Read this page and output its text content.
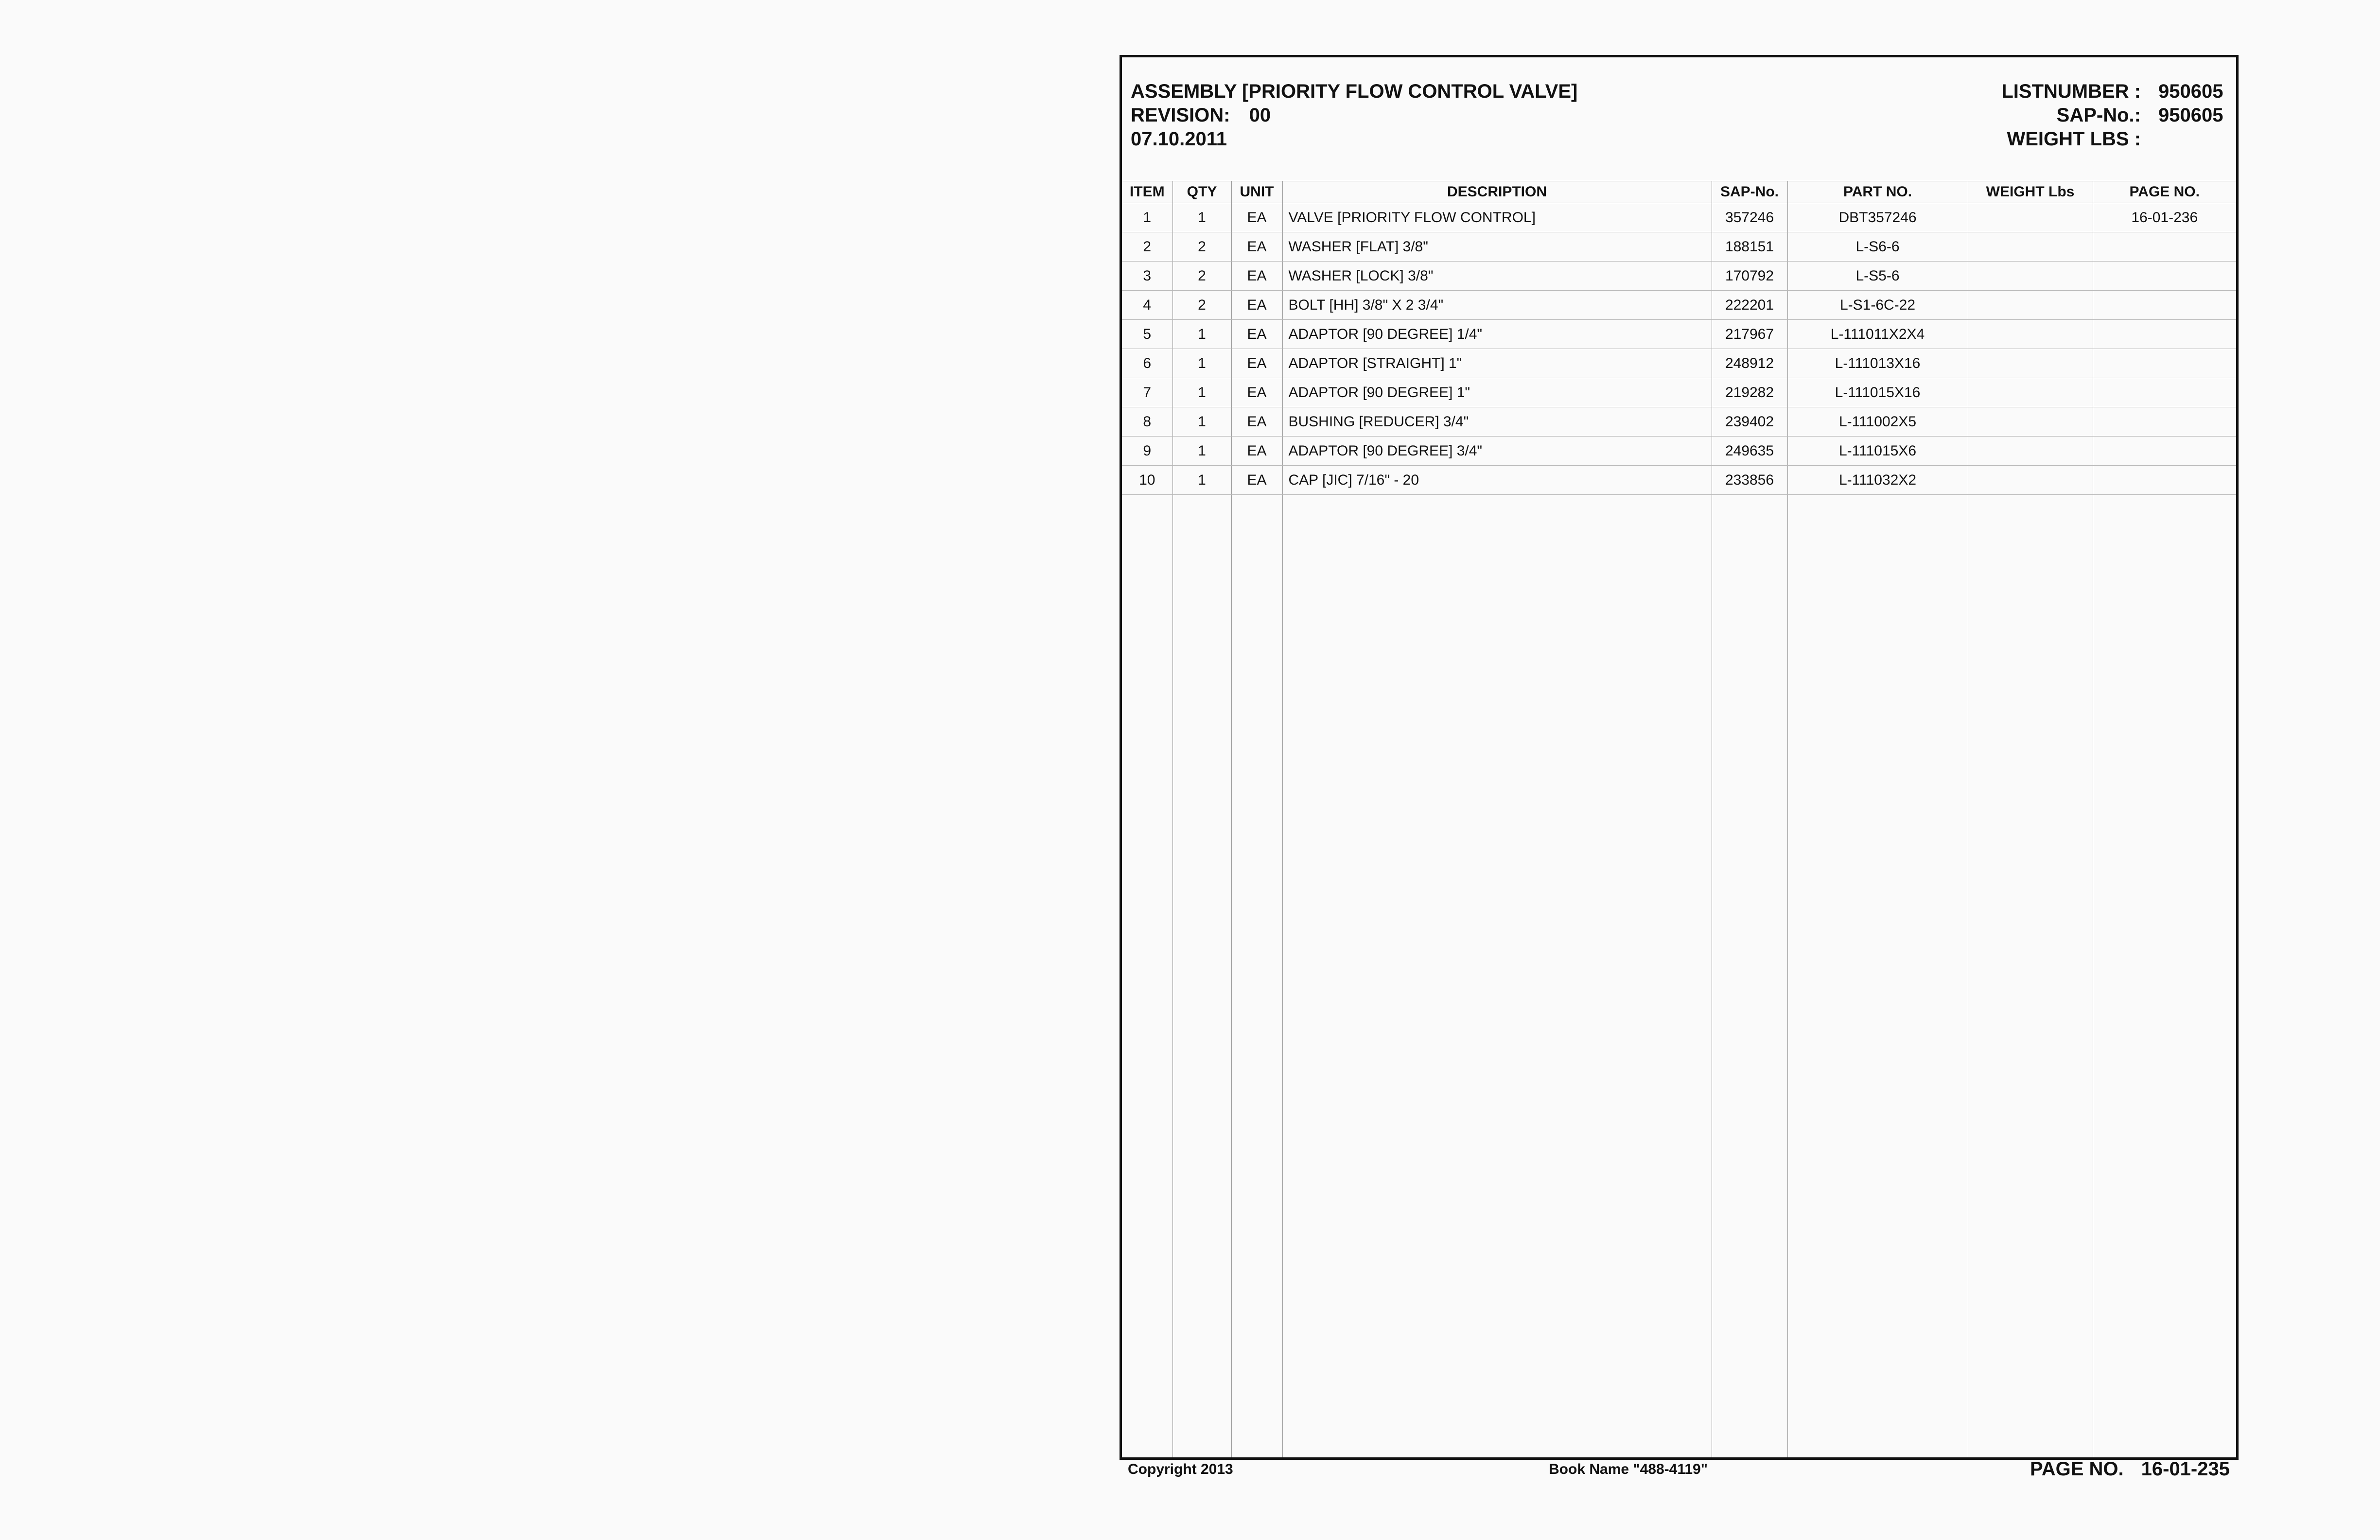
ASSEMBLY [PRIORITY FLOW CONTROL VALVE]
REVISION: 00
07.10.2011
LISTNUMBER : 950605
SAP-No.: 950605
WEIGHT LBS :
ITEM	QTY	UNIT	DESCRIPTION	SAP-No.	PART NO.	WEIGHT Lbs	PAGE NO.
1	1	EA	VALVE [PRIORITY FLOW CONTROL]	357246	DBT357246		16-01-236
2	2	EA	WASHER [FLAT] 3/8"	188151	L-S6-6		
3	2	EA	WASHER [LOCK] 3/8"	170792	L-S5-6		
4	2	EA	BOLT [HH] 3/8" X 2 3/4"	222201	L-S1-6C-22		
5	1	EA	ADAPTOR [90 DEGREE] 1/4"	217967	L-111011X2X4		
6	1	EA	ADAPTOR [STRAIGHT] 1"	248912	L-111013X16		
7	1	EA	ADAPTOR [90 DEGREE] 1"	219282	L-111015X16		
8	1	EA	BUSHING [REDUCER] 3/4"	239402	L-111002X5		
9	1	EA	ADAPTOR [90 DEGREE] 3/4"	249635	L-111015X6		
10	1	EA	CAP [JIC] 7/16" - 20	233856	L-111032X2		

Copyright 2013	Book Name "488-4119"	PAGE NO. 16-01-235
